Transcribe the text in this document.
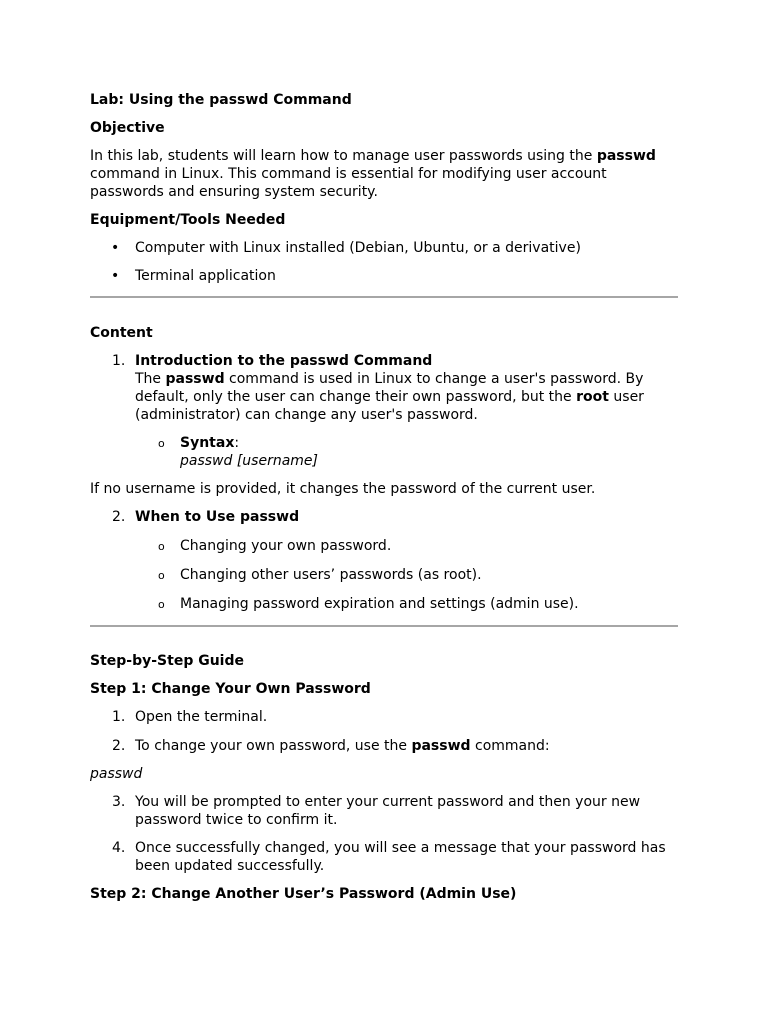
Lab: Using the passwd Command

Objective

In this lab, students will learn how to manage user passwords using the passwd command in Linux. This command is essential for modifying user account passwords and ensuring system security.

Equipment/Tools Needed

• Computer with Linux installed (Debian, Ubuntu, or a derivative)
• Terminal application

Content

1. Introduction to the passwd Command
The passwd command is used in Linux to change a user's password. By default, only the user can change their own password, but the root user (administrator) can change any user's password.
o Syntax:
passwd [username]

If no username is provided, it changes the password of the current user.

2. When to Use passwd
o Changing your own password.
o Changing other users’ passwords (as root).
o Managing password expiration and settings (admin use).

Step-by-Step Guide

Step 1: Change Your Own Password

1. Open the terminal.
2. To change your own password, use the passwd command:

passwd

3. You will be prompted to enter your current password and then your new password twice to confirm it.
4. Once successfully changed, you will see a message that your password has been updated successfully.

Step 2: Change Another User’s Password (Admin Use)
